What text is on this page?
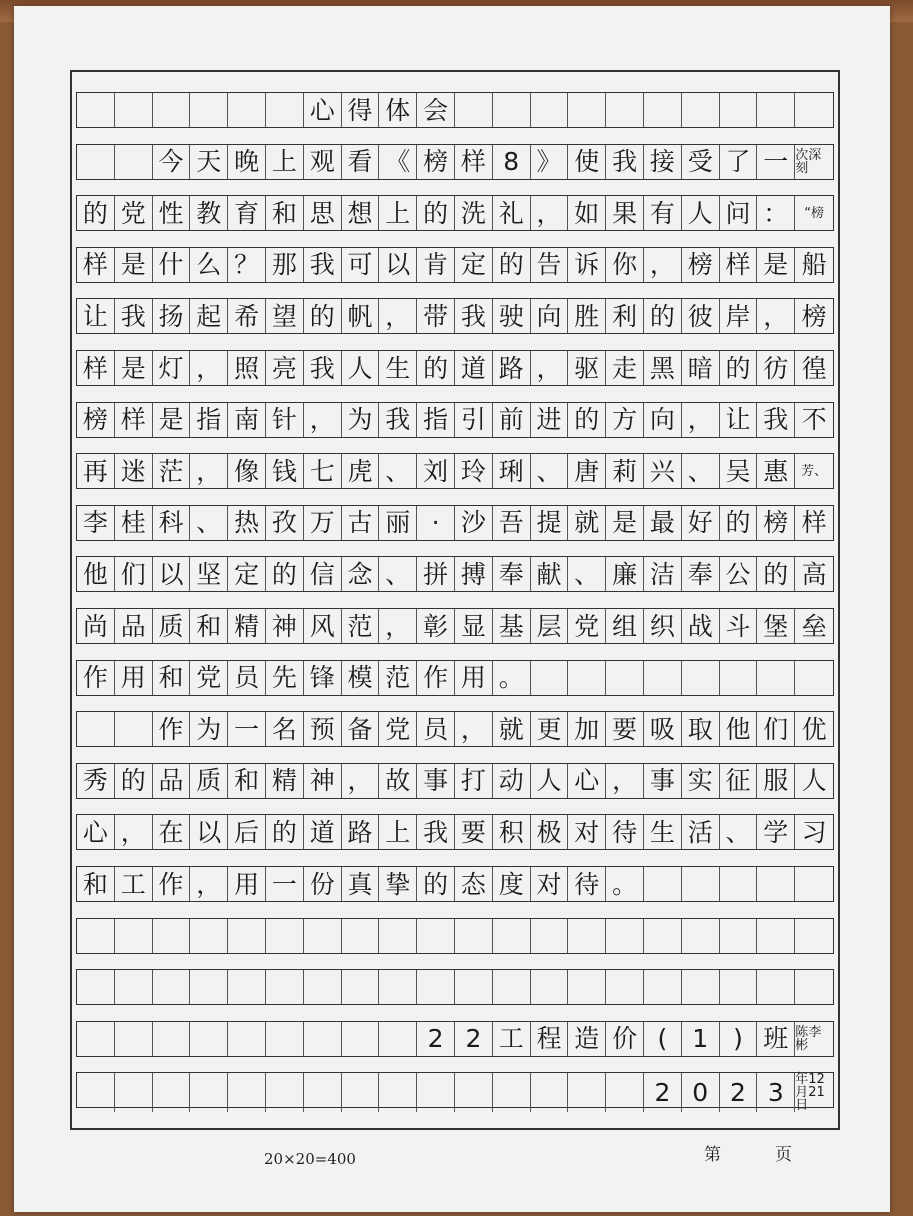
心 得 体 会
今 天 晚 上 观 看 《 榜 样 8 》 使 我 接 受 了 一 次深刻
的 党 性 教 育 和 思 想 上 的 洗 礼 ， 如 果 有 人 问 ：	“榜
样 是 什 么 ？ 那 我 可 以 肯 定 的 告 诉 你 ， 榜 样 是 船
让 我 扬 起 希 望 的 帆 ， 带 我 驶 向 胜 利 的 彼 岸 ， 榜
样 是 灯 ， 照 亮 我 人 生 的 道 路 ， 驱 走 黑 暗 的 彷 徨
榜 样 是 指 南 针 ， 为 我 指 引 前 进 的 方 向 ， 让 我 不
再 迷 茫 ， 像 钱 七 虎 、 刘 玲 琍 、 唐 莉 兴 、 吴 惠 芳、
李 桂 科 、 热 孜 万 古 丽 · 沙 吾 提 就 是 最 好 的 榜 样
他 们 以 坚 定 的 信 念 、 拼 搏 奉 献 、 廉 洁 奉 公 的 高
尚 品 质 和 精 神 风 范 ， 彰 显 基 层 党 组 织 战 斗 堡 垒
作 用 和 党 员 先 锋 模 范 作 用 。
作 为 一 名 预 备 党 员 ， 就 更 加 要 吸 取 他 们 优
秀 的 品 质 和 精 神 ， 故 事 打 动 人 心 ， 事 实 征 服 人
心 ， 在 以 后 的 道 路 上 我 要 积 极 对 待 生 活 、 学 习
和 工 作 ， 用 一 份 真 挚 的 态 度 对 待 。
2 2 工 程 造 价 ( 1 ) 班 陈李彬
2 0 2 3 年12月21日
20×20=400	第	页
